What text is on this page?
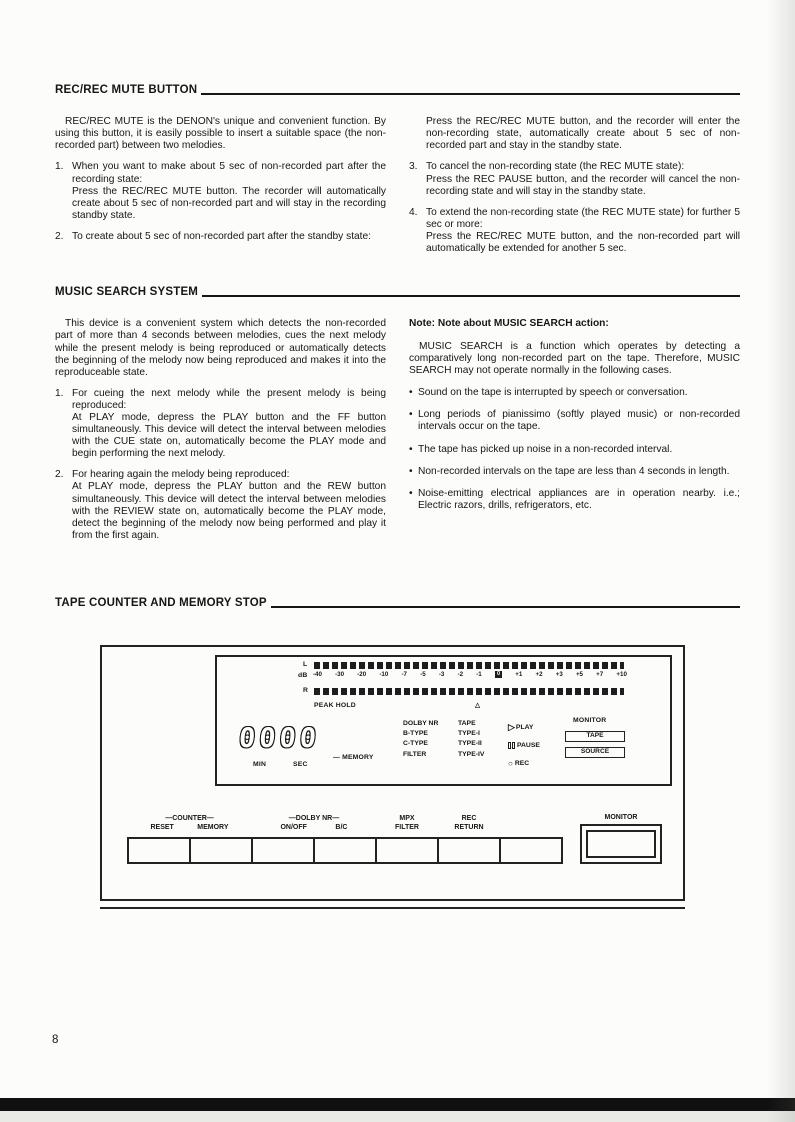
REC/REC MUTE BUTTON

REC/REC MUTE is the DENON's unique and convenient function. By using this button, it is easily possible to insert a suitable space (the non-recorded part) between two melodies.

1. When you want to make about 5 sec of non-recorded part after the recording state:
Press the REC/REC MUTE button. The recorder will automatically create about 5 sec of non-recorded part and will stay in the recording standby state.
2. To create about 5 sec of non-recorded part after the standby state:

Press the REC/REC MUTE button, and the recorder will enter the non-recording state, automatically create about 5 sec of non-recorded part and stay in the standby state.

3. To cancel the non-recording state (the REC MUTE state):
Press the REC PAUSE button, and the recorder will cancel the non-recording state and will stay in the standby state.
4. To extend the non-recording state (the REC MUTE state) for further 5 sec or more:
Press the REC/REC MUTE button, and the non-recorded part will automatically be extended for another 5 sec.
MUSIC SEARCH SYSTEM

This device is a convenient system which detects the non-recorded part of more than 4 seconds between melodies, cues the next melody while the present melody is being reproduced or automatically detects the beginning of the melody now being reproduced and makes it into the reproduceable state.

1. For cueing the next melody while the present melody is being reproduced:
At PLAY mode, depress the PLAY button and the FF button simultaneously. This device will detect the interval between melodies with the CUE state on, automatically become the PLAY mode and begin performing the next melody.
2. For hearing again the melody being reproduced:
At PLAY mode, depress the PLAY button and the REW button simultaneously. This device will detect the interval between melodies with the REVIEW state on, automatically become the PLAY mode, detect the beginning of the melody now being performed and play it from the first again.

Note: Note about MUSIC SEARCH action:

MUSIC SEARCH is a function which operates by detecting a comparatively long non-recorded part on the tape. Therefore, MUSIC SEARCH may not operate normally in the following cases.

• Sound on the tape is interrupted by speech or conversation.

• Long periods of pianissimo (softly played music) or non-recorded intervals occur on the tape.

• The tape has picked up noise in a non-recorded interval.

• Non-recorded intervals on the tape are less than 4 seconds in length.

• Noise-emitting electrical appliances are in operation nearby. i.e.; Electric razors, drills, refrigerators, etc.

TAPE COUNTER AND MEMORY STOP
L
dB -40 -30 -20 -10 -7 -5 -3 -2 -1	0	+1 +2 +3 +5 +7 +10
R
PEAK HOLD	△
0000
MIN	SEC
— MEMORY
DOLBY NR
B-TYPE
C-TYPE
FILTER
TAPE
TYPE-I
TYPE-II
TYPE-IV
▷ PLAY
PAUSE
○ REC
MONITOR
TAPE
SOURCE
—COUNTER—
RESET	MEMORY
—DOLBY NR—
ON/OFF	B/C
MPX
FILTER
REC
RETURN
MONITOR
8
